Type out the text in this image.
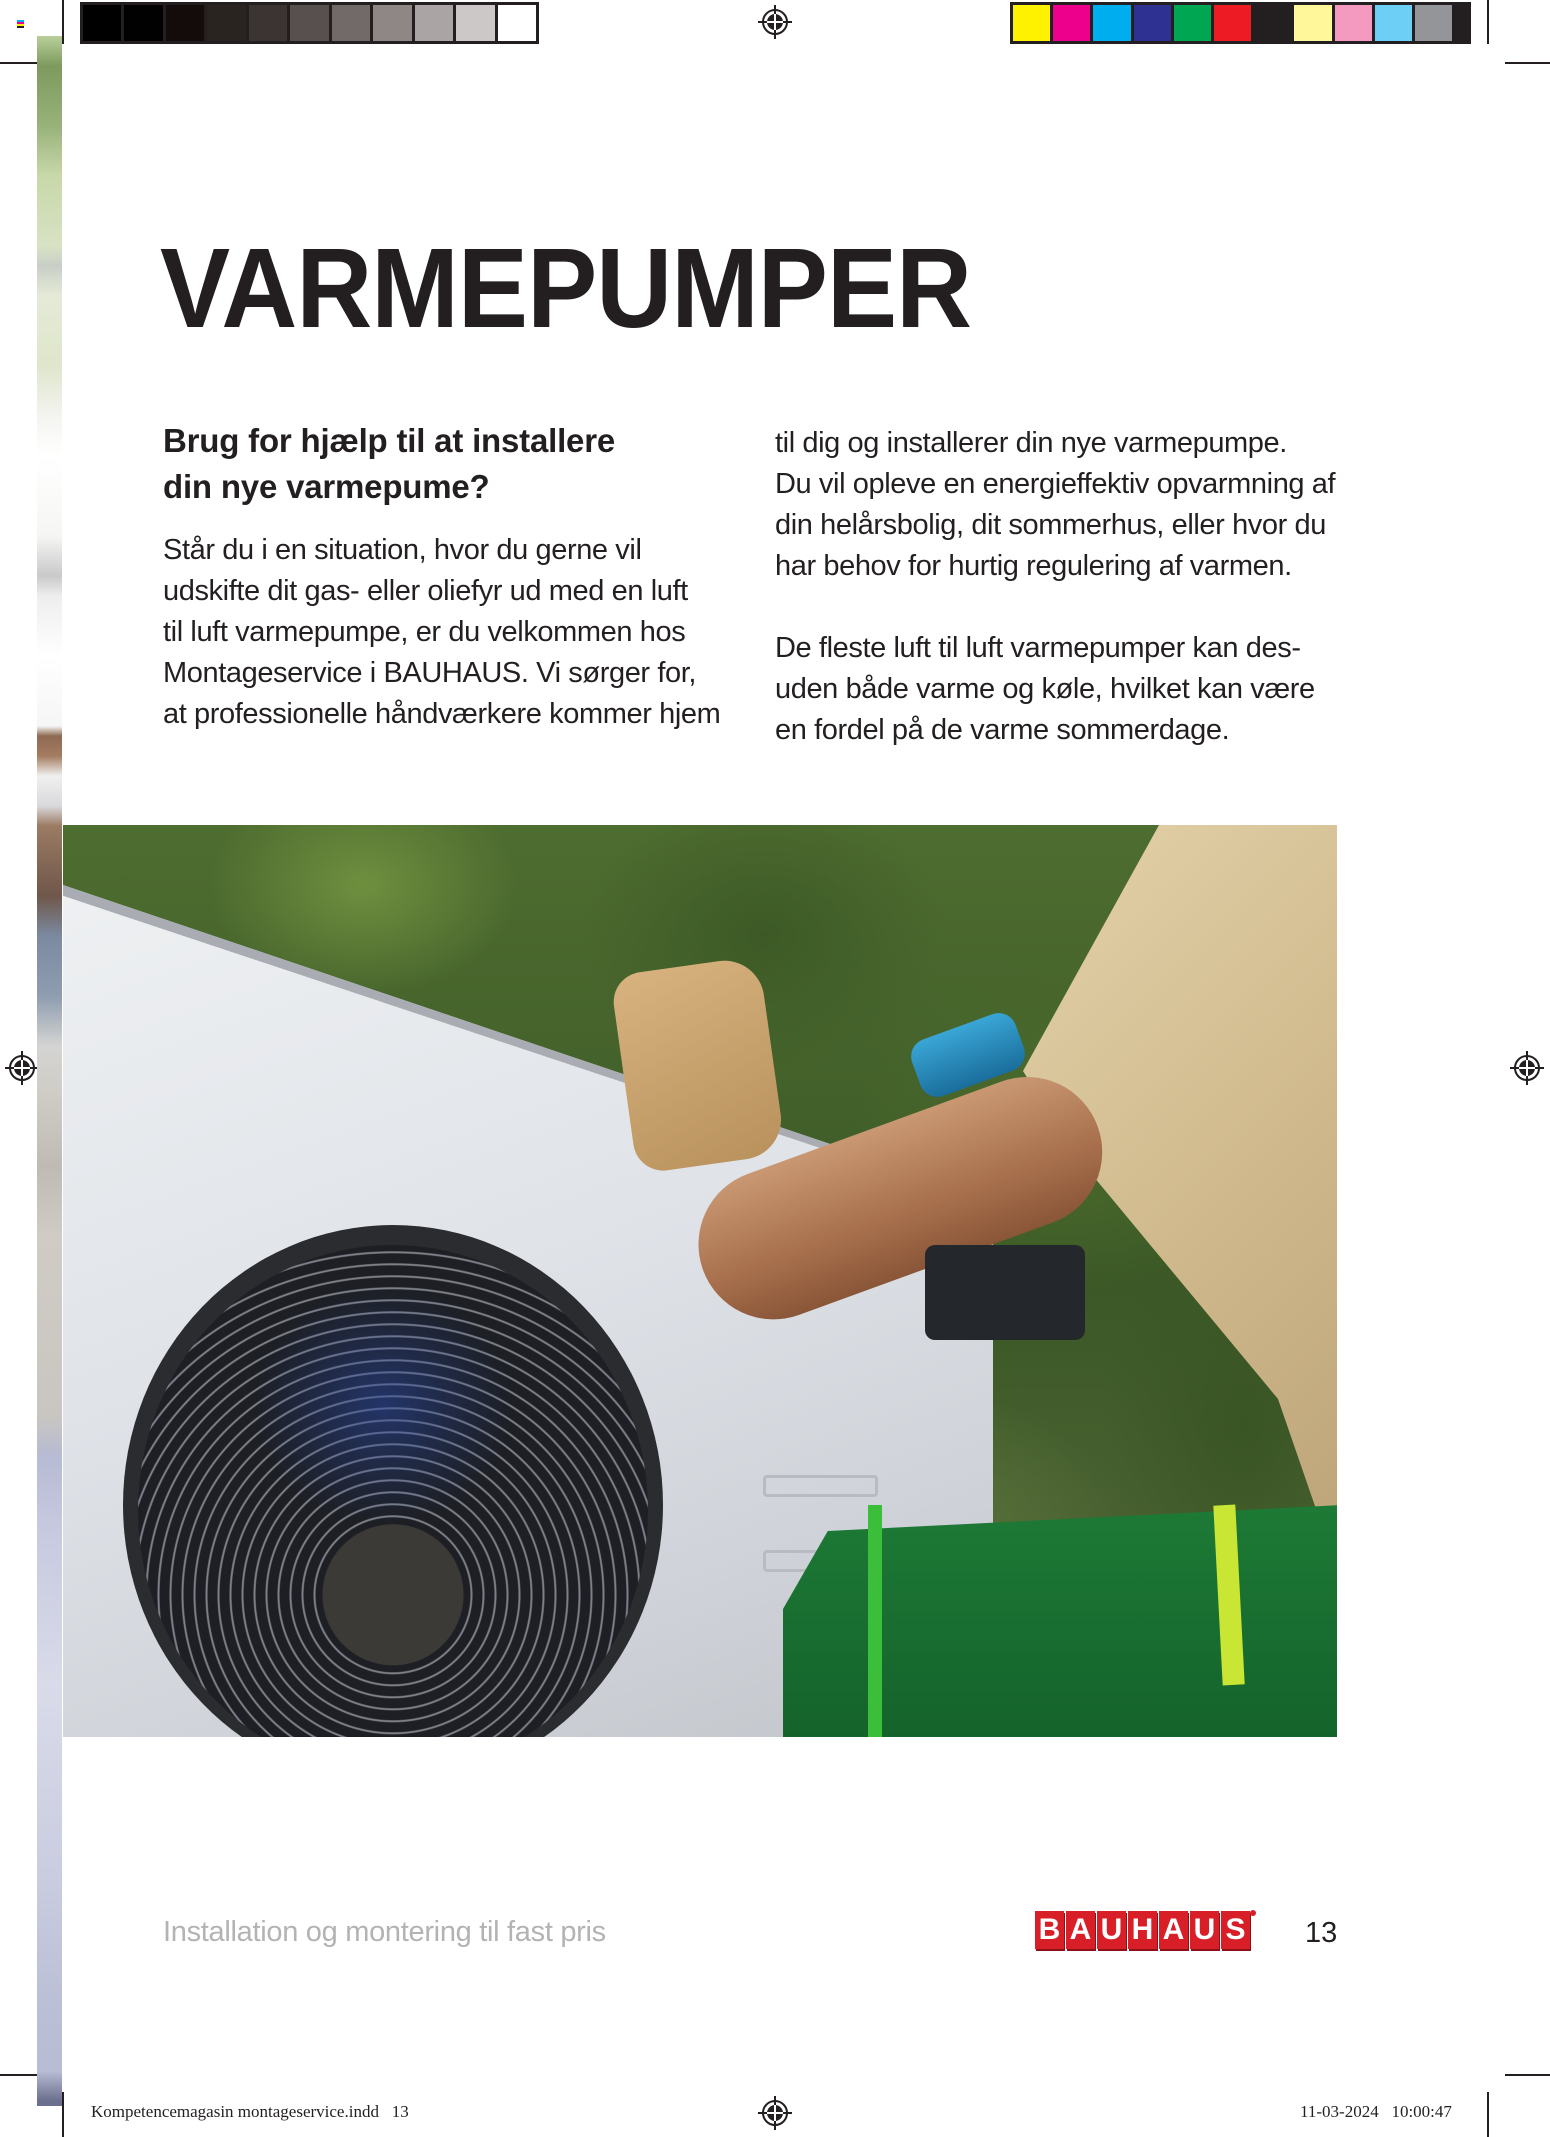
VARMEPUMPER
Brug for hjælp til at installere
din nye varmepume?

Står du i en situation, hvor du gerne vil
udskifte dit gas- eller oliefyr ud med en luft
til luft varmepumpe, er du velkommen hos
Montageservice i BAUHAUS. Vi sørger for,
at professionelle håndværkere kommer hjem

til dig og installerer din nye varmepumpe.
Du vil opleve en energieffektiv opvarmning af
din helårsbolig, dit sommerhus, eller hvor du
har behov for hurtig regulering af varmen.

De fleste luft til luft varmepumper kan des-
uden både varme og køle, hvilket kan være
en fordel på de varme sommerdage.

Installation og montering til fast pris	B A U H A U S 13
Kompetencemagasin montageservice.indd   13	11-03-2024   10:00:47
